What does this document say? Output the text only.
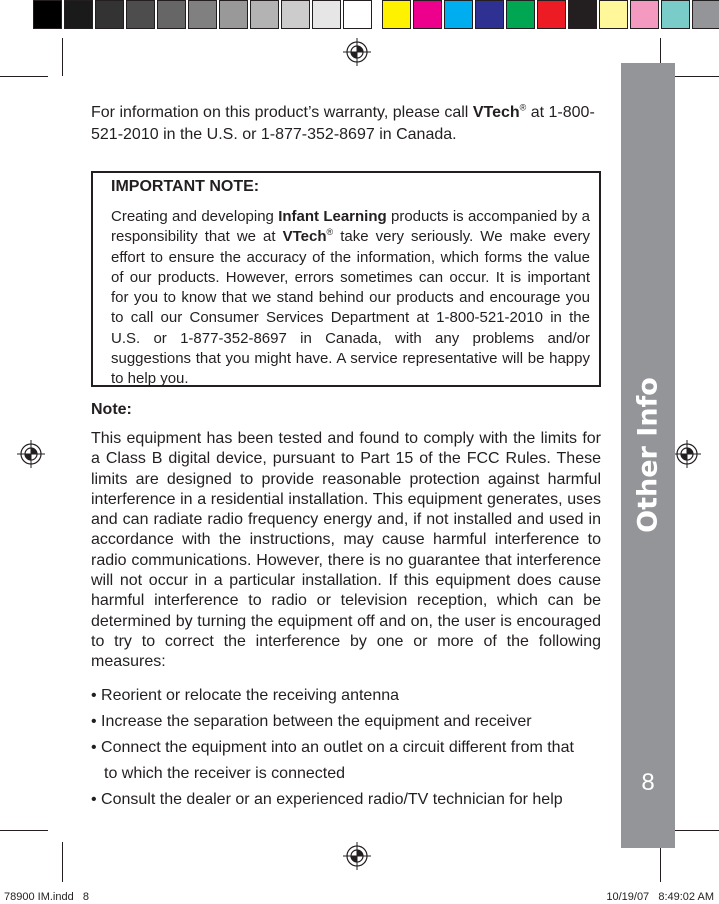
Other Info
8
For information on this product’s warranty, please call VTech® at 1-800-521-2010 in the U.S. or 1-877-352-8697 in Canada.
IMPORTANT NOTE:
Creating and developing Infant Learning products is accompanied by a responsibility that we at VTech® take very seriously. We make every effort to ensure the accuracy of the information, which forms the value of our products. However, errors sometimes can occur. It is important for you to know that we stand behind our products and encourage you to call our Consumer Services Department at 1-800-521-2010 in the U.S. or 1-877-352-8697 in Canada, with any problems and/or suggestions that you might have. A service representative will be happy to help you.
Note:

This equipment has been tested and found to comply with the limits for a Class B digital device, pursuant to Part 15 of the FCC Rules. These limits are designed to provide reasonable protection against harmful interference in a residential installation. This equipment generates, uses and can radiate radio frequency energy and, if not installed and used in accordance with the instructions, may cause harmful interference to radio communications. However, there is no guarantee that interference will not occur in a particular installation. If this equipment does cause harmful interference to radio or television reception, which can be determined by turning the equipment off and on, the user is encouraged to try to correct the interference by one or more of the following measures:

• Reorient or relocate the receiving antenna
• Increase the separation between the equipment and receiver
• Connect the equipment into an outlet on a circuit different from that
to which the receiver is connected
• Consult the dealer or an experienced radio/TV technician for help
78900 IM.indd   8	10/19/07   8:49:02 AM
